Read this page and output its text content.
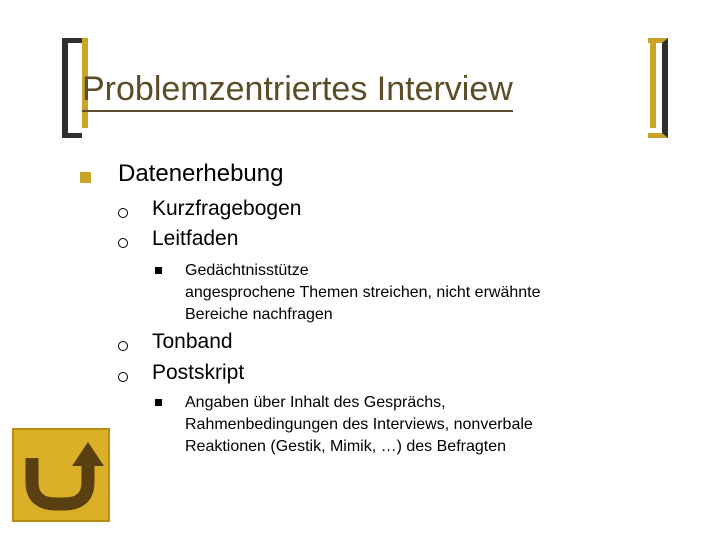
Problemzentriertes Interview
Datenerhebung
Kurzfragebogen
Leitfaden
Gedächtnisstütze
angesprochene Themen streichen, nicht erwähnte
Bereiche nachfragen
Tonband
Postskript
Angaben über Inhalt des Gesprächs,
Rahmenbedingungen des Interviews, nonverbale
Reaktionen (Gestik, Mimik, …) des Befragten
